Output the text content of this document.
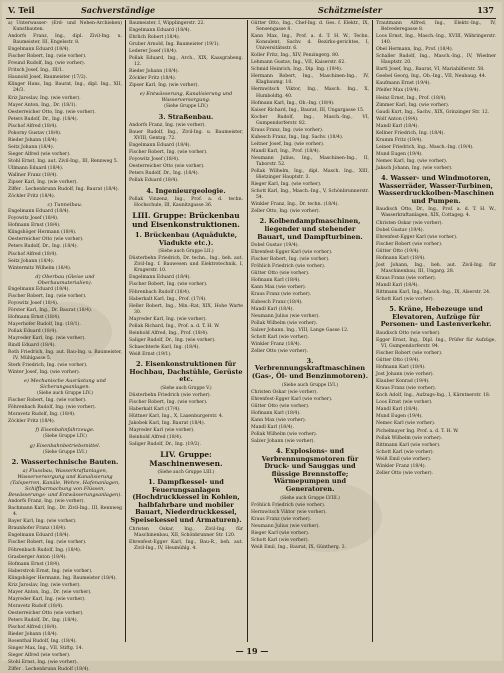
V. Teil	Sachverständige	Schätzmeister	137

a) Unterwasser- (Erd- und Neben-Archieken) Kunstbauten.

Andorfs Franz, Ing., dipl. Zivil-Ing. u. Baumeister, III, Engelsstr. 8.

Engelmann Eduard (18/4).

Fischer Robert, Ing. (wie vorher).

Freund Rudolf, Ing. (wie vorher).

Fritsch Josef, Ing., III/1.

Haunold Josef, Baumeister (17/2).

Klinger Hans, Ing. Baurat, Ing., dipl. Ing., XII, 24/3.

Kriz Jaroslav, Ing. (wie vorher).

Mayer Anton, Ing., Dr. (18/1).

Oesterreicher Otto, Ing. (wie vorher).

Peters Rudolf, Dr., Ing. (18/4).

Pischof Alfred (18/4).

Pokorny Gustav (18/4).

Rieder Johann (18/4).

Seitz Johann (18/4).

Sieger Alfred (wie vorher).

Stohl Ernst, Ing. aut. Zivil-Ing., III, Rennweg 5.

Ullmann Eduard (18/4).

Wallner Franz (18/4).

Zipser Karl, Ing. (wie vorher).

Ziffer . Lechenbrunn Rudolf, Ing. Baurat (18/4).

Zöckler Fritz (18/4).

c) Tunnelbau.

Engelmann Eduard (18/4).

Foyowitz Josef (18/4).

Hofmann Ernst (18/4).

Klingshöger Hermann (18/4).

Oesterreicher Otto (wie vorher).

Peters Rudolf, Dr., Ing. (18/4).

Pischof Alfred (18/4).

Seitz Johann (18/4).

Wintermitz Wilhelm (18/4).

d) Oberbau (Gleise und Oberbaumaterialien).

Engelmann Eduard (18/4).

Fischer Robert, Ing. (wie vorher).

Foyowitz Josef (18/4).

Förster Karl, Ing., Dr. Baurat (18/4).

Hofmann Ernst (18/4).

Mayerhofer Rudolf, Ing. (18/1).

Pollak Eduard (18/4).

Mayreder Karl, Ing. (wie vorher).

Rindl Eduard (18/4).

Roth Friedrich, Ing. aut. Bau-Ing. u. Baumeister, IV, Mühlgasse 5.

Sterk Friedrich, Ing. (wie vorher).

Winter Josef, Ing. (wie vorher).

e) Mechanische Ausrüstung und Sicherungsanlagen.
(Siehe auch Gruppe LIV.)

Fischer Robert, Ing. (wie vorher).

Föhrenbach Rudolf, Ing. (wie vorher).

Moravetz Rudolf, Ing. (18/4).

Zöckler Fritz (18/4).

f) Eisenbahnfahrzeuge.
(Siehe Gruppe LIV.)
g) Eisenbahnbetriebsmittel.
(Siehe Gruppe LVI.)
2. Wassertechnische Bauten.
a) Flussbau, Wasserkraftanlagen, Wasserversorgung und Kanalisierung (Talsperren, Kanäle, Wehre, Hafenanlagen, Schiffbarmachung von Flüssen, Bewässerungs- und Entwässerungsanlagen).

Andorfs Franz, Ing. (wie vorher).

Bachmann Karl, Ing., Dr. Zivil-Ing., III, Rennweg 4.

Bayer Karl, Ing. (wie vorher).

Braunhofer Franz (18/4).

Engelmann Eduard (18/4).

Fischer Robert, Ing. (wie vorher).

Föhrenbach Rudolf, Ing. (18/4).

Grasberger Anton (18/4).

Hofmann Ernst (18/4).

Haberstroh Ernst, Ing. (wie vorher).

Klingshöger Hermann, Ing. Baumeister (18/4).

Kriz Jaroslav, Ing. (wie vorher).

Mayer Anton, Ing., Dr. (wie vorher).

Mayreder Karl, Ing. (wie vorher).

Moravetz Rudolf (18/4).

Oesterreicher Otto (wie vorher).

Peters Rudolf, Dr., Ing. (18/4).

Pischof Alfred (18/4).

Rieder Johann (18/4).

Rosenthal Rudolf, Ing. (18/4).

Singer Max, Ing., VII, Stiftg. 14.

Sieger Alfred (wie vorher).

Stohl Ernst, Ing. (wie vorher).

Ziffer . Lechenbrunn Rudolf (18/4).

Baumeister, I, Wipplingerstr. 22.

Engelmann Eduard (18/4).

Ehrlich Robert (18/4).

Gruber Arnold, Ing. Baumeister (19/1).

Lederer Josef (18/4).

Pollak Eduard, Ing., Arch., XIX, Kaasgrabeng. 12.

Rieder Johann (18/4).

Zöckler Fritz (18/4).

Zipser Karl, Ing. (wie vorher).

e) Entwässerung, Kanalisierung und Wasserversorgung.
(Siehe Gruppe LIV.)
3. Straßenbau.

Andorfs Franz, Ing. (wie vorher).

Bauer Rudolf, Ing., Zivil-Ing. u. Baumeister, XVIII, Gentzg. 72.

Engelmann Eduard (18/4).

Fischer Robert, Ing. (wie vorher).

Foyowitz Josef (18/4).

Oesterreicher Otto (wie vorher).

Peters Rudolf, Dr., Ing. (18/4).

Pollak Eduard (18/4).

4. Ingenieurgeologie.

Pollak Vinzenz, Ing., Prof. a. d. techn. Hochschule, III, Kaunitzgasse 36.

LIII. Gruppe: Brückenbau und Eisenkonstruktionen.
1. Brückenbau (Aquädukte, Viadukte etc.).
(Siehe auch Gruppe LII.)

Düsterbehn Friedrich, Dr. techn., Ing., beh. aut. Zivil-Ing. f. Bauwesen und Elektrotechnik, I, Krugerstr. 10.

Engelmann Eduard (18/4).

Fischer Robert, Ing. (wie vorher).

Föhrenbach Rudolf (18/4).

Haberkalt Karl, Ing., Prof. (17/4).

Heller Robert, Ing., Min.-Rat, XIX, Hohe Warte 30.

Mayreder Karl, Ing. (wie vorher).

Pollak Richard, Ing., Prof. a. d. T. H. W.

Reinhold Alfred, Ing., Prof. (18/4).

Saliger Rudolf, Dr., Ing. (wie vorher).

Schaechterle Karl, Ing. (18/4).

Weiß Ernst (19/1).

2. Eisenkonstruktionen für Hochbau, Dachstühle, Gerüste etc.
(Siehe auch Gruppe V.)

Düsterbehn Friedrich (wie vorher).

Fischer Robert, Ing. (wie vorher).

Haberkalt Karl (17/4).

Hüttner Karl, Ing., X, Laxenburgerstr. 4.

Jakobek Karl, Ing. Baurat (18/4).

Mayreder Karl (wie vorher).

Reinhold Alfred (18/4).

Saliger Rudolf, Dr., Ing. (19/2).

LIV. Gruppe: Maschinenwesen.
(Siehe auch Gruppe LIII.)
1. Dampfkessel- und Feuerungsanlagen (Hochdruckkessel in Kohlen, halbfahrbare und mobiler Bauart, Niederdruckkessel, Speisekessel und Armaturen).

Christen Oskar, Ing., Zivil-Ing. für Maschinenbau, XII, Schönbrunner Str. 120.

Ehrenfest-Egger Karl, Ing., Bau-R., beh. aut. Zivil-Ing., IV, Heumühlg. 4.

Gütter Otto, Ing., Chef-Ing. d. Ges. f. Elektr., IX, Sensengasse 8.

Kann Max, Ing., Prof. a. d. T. H. W., Techn. Konsulent, Sachv. d. Bezirks-gerichtes, I, Universitätsstr. 6.

Koller Fritz, Ing., XIV, Penzingerg. 80.

Lehmann Gustav, Ing., VII, Kaiserstr. 62.

Schmid Heinrich, Ing., Dip. Ing. (19/4).

Hermann Robert, Ing., Maschinen-Ing., IV, Klagbaumg. 10.

Hermwitsch Viktor, Ing., Masch. Ing., X, Humboldtg. 40.

Hofmann Karl, Ing., Ob.-Ing. (18/4).

Kaiser Richard, Ing., Baurat, III, Ungargasse 15.

Kocher Rudolf, Ing., Masch.-Ing., VI, Gumpendorferstr. 82.

Kraus Franz, Ing. (wie vorher).

Kubesch Franz, Ing., Ing. Sachv. (18/4).

Leitner Josef, Ing. (wie vorher).

Mandl Karl, Ing., Prof. (18/4).

Neumann Julius, Ing., Maschinen-Ing., II, Taborstr. 52.

Pollak Wilhelm, Ing., dipl. Masch. Ing., XIII, Hietzinger Hauptstr. 3.

Rieger Karl, Ing. (wie vorher).

Schott Karl, Ing., Masch.-Ing., V, Schönbrunnerstr. 54.

Winkler Franz, Ing., Dr. techn. (18/4).

Zeller Otto, Ing. (wie vorher).

2. Kolbendampfmaschinen, liegender und stehender Bauart, und Dampfturbinen.

Dobel Gustav (19/4).

Ehrenfest-Egger Karl (wie vorher).

Fischer Robert, Ing. (wie vorher).

Fröhlich Friedrich (wie vorher).

Gütter Otto (wie vorher).

Hofmann Karl (18/4).

Kann Max (wie vorher).

Kraus Franz (wie vorher).

Kubesch Franz (18/4).

Mandl Karl (18/4).

Neumann Julius (wie vorher).

Pollak Wilhelm (wie vorher).

Salzer Johann, Ing., VIII, Lange Gasse 12.

Schott Karl (wie vorher).

Winkler Franz (18/4).

Zeller Otto (wie vorher).

3. Verbrennungskraftmaschinen (Gas-, Öl- und Benzinmotoren).
(Siehe auch Gruppe LVI.)

Christen Oskar (wie vorher).

Ehrenfest-Egger Karl (wie vorher).

Gütter Otto (wie vorher).

Hofmann Karl (18/4).

Kann Max (wie vorher).

Mandl Karl (18/4).

Pollak Wilhelm (wie vorher).

Salzer Johann (wie vorher).

4. Explosions- und Verbrennungsmotoren für Druck- und Sauggas und flüssige Brennstoffe; Wärmepumpen und Generatoren.
(Siehe auch Gruppe LVIII.)

Fröhlich Friedrich (wie vorher).

Hermwitsch Viktor (wie vorher).

Kraus Franz (wie vorher).

Neumann Julius (wie vorher).

Rieger Karl (wie vorher).

Schott Karl (wie vorher).

Weiß Emil, Ing., Baurat, IX, Güntherg. 3.

Trautmann Alfred, Ing., Elektr.-Ing., IV, Belvederegasse 8.

Loos Ernst, Ing., Masch.-Ing., XVIII, Währingerstr. 140.

Obel Hermann, Ing., Prof. (18/4).

Schaller Rudolf, Ing., Masch.-Ing., IV, Wiedner Hauptstr. 20.

Bartl Josef, Ing., Baurat, VI, Mariahilferstr. 58.

Goebel Georg, Ing., Ob.-Ing., VII, Neubaug. 44.

Kaufmann Ernst (19/4).

Pfeifer Max (19/4).

Heinz Ernst, Ing., Prof. (18/4).

Zimmer Karl, Ing. (wie vorher).

Gaudi Kurt, Ing., Sachv., XIX, Grinzinger Str. 12.

Wolf Anton (19/4).

Mandl Karl (18/4).

Kellner Friedrich, Ing. (18/4).

Krumm Fritz (19/4).

Leiner Friedrich, Ing., Masch.-Ing. (19/4).

Mund Eugen (19/4).

Nemec Karl, Ing. (wie vorher).

Jaksch Johann, Ing. (wie vorher).

4. Wasser- und Windmotoren, Wasserräder, Wasser-Turbinen, Wasserdruckkolben-Maschinen und Pumpen.

Baudisch Otto, Dr., Ing., Prof. a. d. T. H. W., Wasserkraftanlagen, XIX, Cottageg. 4.

Christen Oskar (wie vorher).

Dobel Gustav (19/4).

Ehrenfest-Egger Karl (wie vorher).

Fischer Robert (wie vorher).

Gütter Otto (19/4).

Hofmann Karl (18/4).

Jost Johann, Ing., beh. aut. Zivil-Ing. für Maschinenbau, III, Ungarg. 28.

Kraus Franz (wie vorher).

Mandl Karl (18/4).

Rittmann Karl, Ing., Masch.-Ing., IX, Alserstr. 24.

Schott Karl (wie vorher).

5. Kräne, Hebezeuge und Elevatoren, Aufzüge für Personen- und Lastenverkehr.

Baudisch Otto (wie vorher).

Egger Ernst, Ing., Dipl. Ing., Prüfer für Aufzüge, VI, Gumpendorferstr. 94.

Fischer Robert (wie vorher).

Gütter Otto (19/4).

Hofmann Karl (18/4).

Jost Johann (wie vorher).

Klauber Konrad (19/4).

Kraus Franz (wie vorher).

Koch Adolf, Ing., Aufzugs-Ing., I, Kärntnerstr. 18.

Loos Ernst (wie vorher).

Mandl Karl (18/4).

Mund Eugen (19/4).

Nemec Karl (wie vorher).

Pichelmayer Ing. Prof. a. d. T. H. W.

Pollak Wilhelm (wie vorher).

Rittmann Karl (wie vorher).

Schott Karl (wie vorher).

Weiß Emil (wie vorher).

Winkler Franz (18/4).

Zeller Otto (wie vorher).

— 19 —
